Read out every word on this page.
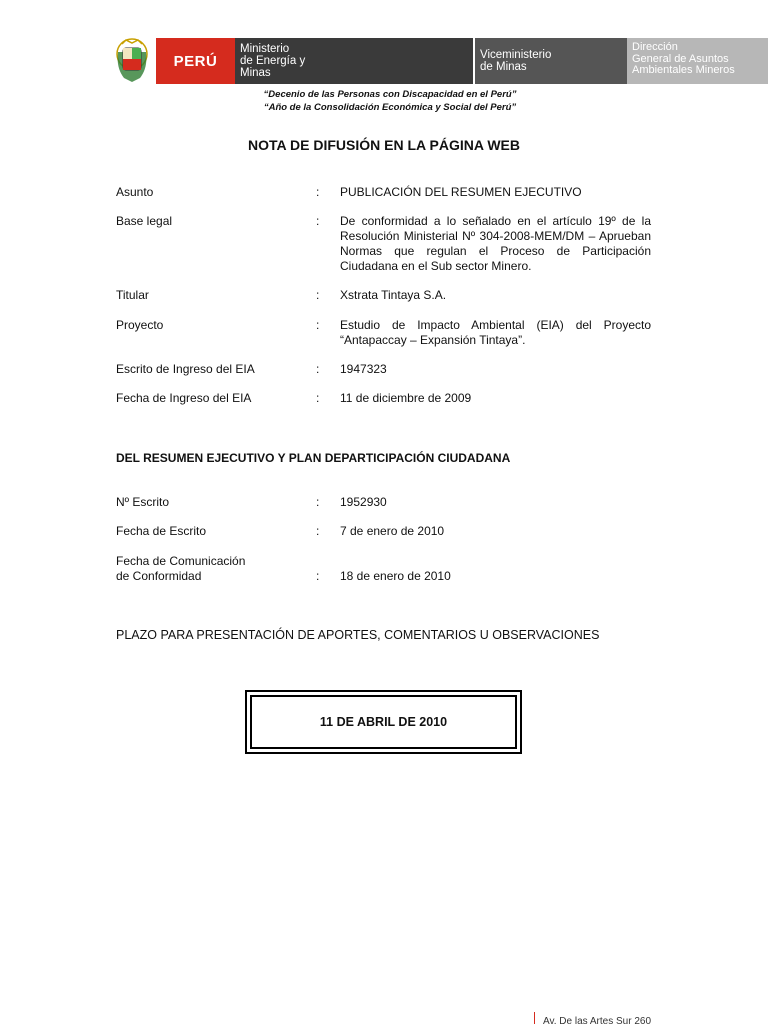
PERÚ
Ministerio
de Energía y Minas
Viceministerio
de Minas
Dirección
General de Asuntos
Ambientales Mineros
“Decenio de las Personas con Discapacidad en el Perú”
“Año de la Consolidación Económica y Social del Perú”
NOTA DE DIFUSIÓN EN LA PÁGINA WEB
Asunto	: PUBLICACIÓN DEL RESUMEN EJECUTIVO
Base legal	: De conformidad a lo señalado en el artículo 19º de la Resolución Ministerial Nº 304-2008-MEM/DM – Aprueban Normas que regulan el Proceso de Participación Ciudadana en el Sub sector Minero.
Titular	: Xstrata Tintaya S.A.
Proyecto	: Estudio de Impacto Ambiental (EIA) del Proyecto “Antapaccay – Expansión Tintaya”.
Escrito de Ingreso del EIA	: 1947323
Fecha de Ingreso del EIA	: 11 de diciembre de 2009
DEL RESUMEN EJECUTIVO Y PLAN DEPARTICIPACIÓN CIUDADANA
Nº Escrito	: 1952930
Fecha de Escrito	: 7 de enero de 2010
Fecha de Comunicación
de Conformidad	: 18 de enero de 2010
PLAZO PARA PRESENTACIÓN DE APORTES, COMENTARIOS U OBSERVACIONES
11 DE ABRIL DE 2010
Av. De las Artes Sur 260
